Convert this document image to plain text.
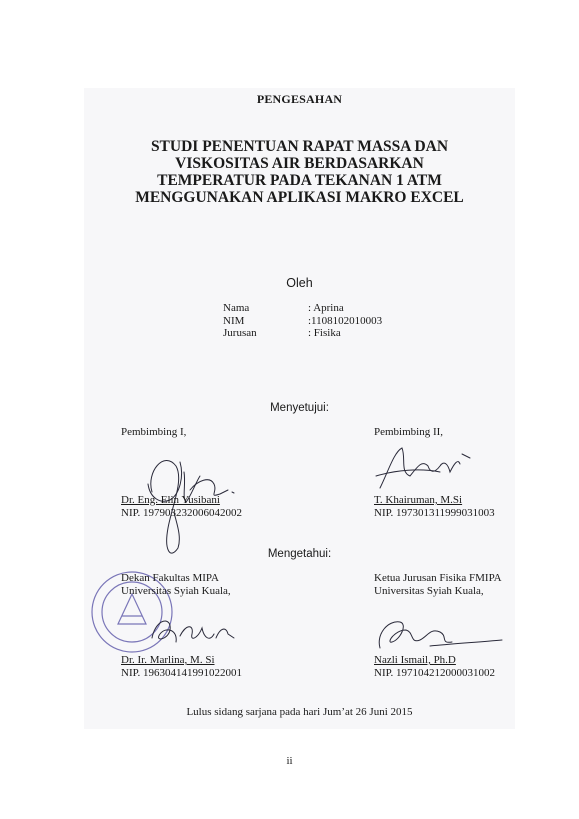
PENGESAHAN
STUDI PENENTUAN RAPAT MASSA DAN
VISKOSITAS AIR BERDASARKAN
TEMPERATUR PADA TEKANAN 1 ATM
MENGGUNAKAN APLIKASI MAKRO EXCEL
Oleh
Nama
NIM
Jurusan
: Aprina
:1108102010003
: Fisika
Menyetujui:
Pembimbing I,	Pembimbing II,
Dr. Eng. Elin Yusibani
NIP. 197903232006042002
T. Khairuman, M.Si
NIP. 197301311999031003
Mengetahui:
Dekan Fakultas MIPA
Universitas Syiah Kuala,
Ketua Jurusan Fisika FMIPA
Universitas Syiah Kuala,
Dr. Ir. Marlina, M. Si
NIP. 196304141991022001
Nazli Ismail, Ph.D
NIP. 197104212000031002
Lulus sidang sarjana pada hari Jum’at 26 Juni 2015
ii
